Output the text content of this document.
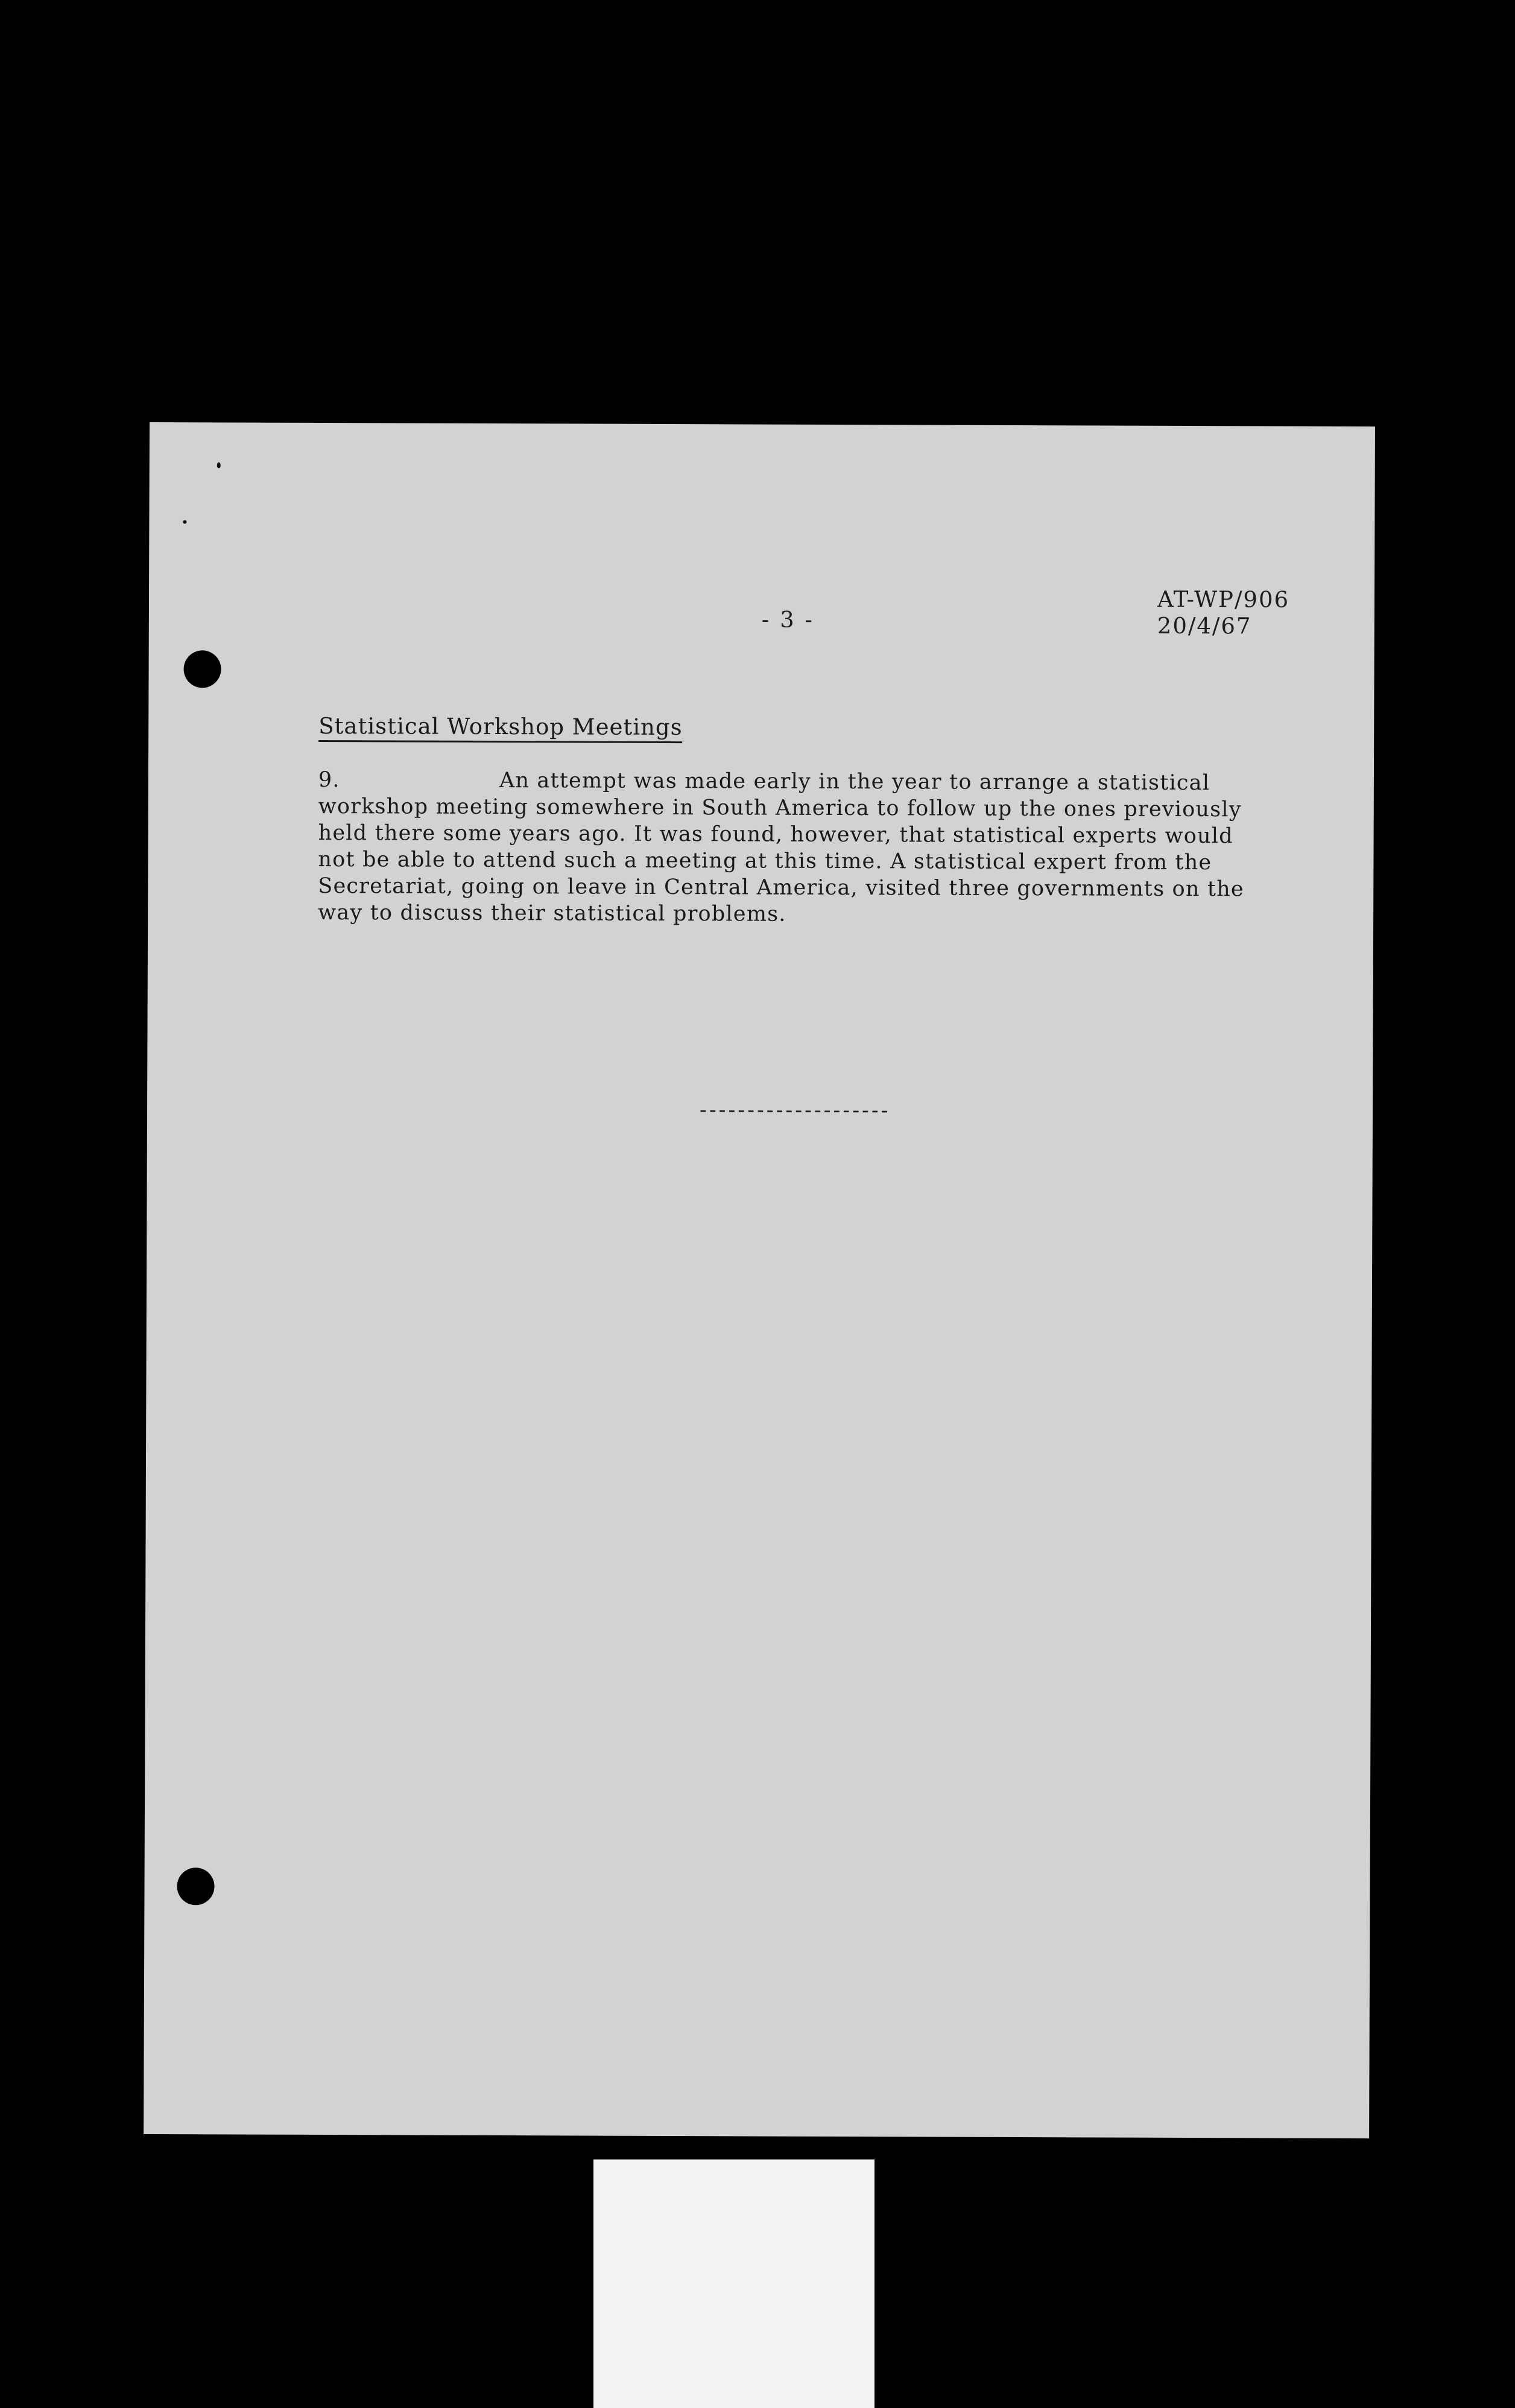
- 3 -
AT-WP/906
20/4/67
Statistical Workshop Meetings
9.	An attempt was made early in the year to arrange a statistical
workshop meeting somewhere in South America to follow up the ones previously
held there some years ago. It was found, however, that statistical experts would
not be able to attend such a meeting at this time. A statistical expert from the
Secretariat, going on leave in Central America, visited three governments on the
way to discuss their statistical problems.
--------------------
